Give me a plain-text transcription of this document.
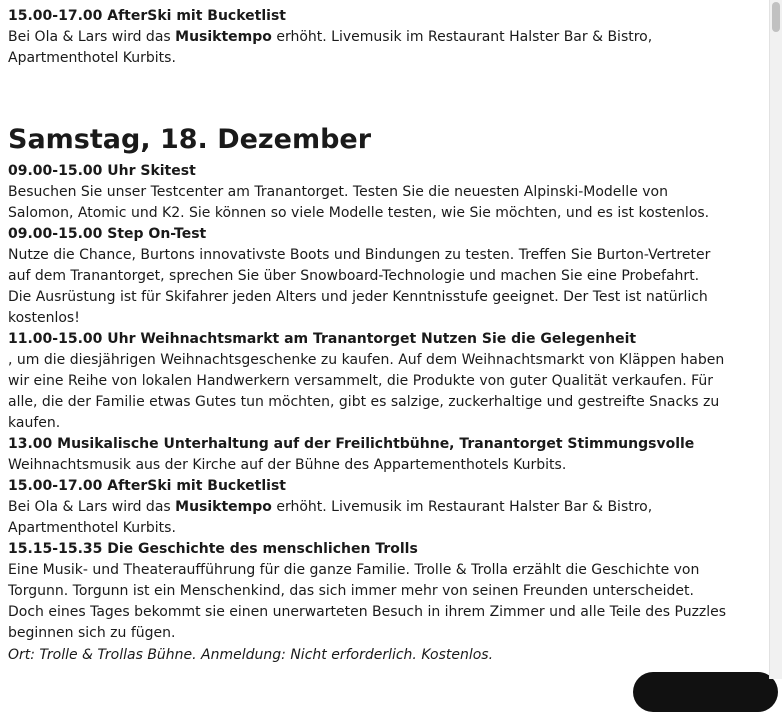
15.00-17.00 AfterSki mit Bucketlist
Bei Ola & Lars wird das Musiktempo erhöht. Livemusik im Restaurant Halster Bar & Bistro,
Apartmenthotel Kurbits.
Samstag, 18. Dezember
09.00-15.00 Uhr Skitest
Besuchen Sie unser Testcenter am Tranantorget. Testen Sie die neuesten Alpinski-Modelle von
Salomon, Atomic und K2. Sie können so viele Modelle testen, wie Sie möchten, und es ist kostenlos.
09.00-15.00 Step On-Test
Nutze die Chance, Burtons innovativste Boots und Bindungen zu testen. Treffen Sie Burton-Vertreter
auf dem Tranantorget, sprechen Sie über Snowboard-Technologie und machen Sie eine Probefahrt.
Die Ausrüstung ist für Skifahrer jeden Alters und jeder Kenntnisstufe geeignet. Der Test ist natürlich
kostenlos!
11.00-15.00 Uhr Weihnachtsmarkt am Tranantorget Nutzen Sie die Gelegenheit
, um die diesjährigen Weihnachtsgeschenke zu kaufen. Auf dem Weihnachtsmarkt von Kläppen haben
wir eine Reihe von lokalen Handwerkern versammelt, die Produkte von guter Qualität verkaufen. Für
alle, die der Familie etwas Gutes tun möchten, gibt es salzige, zuckerhaltige und gestreifte Snacks zu
kaufen.
13.00 Musikalische Unterhaltung auf der Freilichtbühne, Tranantorget Stimmungsvolle
Weihnachtsmusik aus der Kirche auf der Bühne des Appartementhotels Kurbits.
15.00-17.00 AfterSki mit Bucketlist
Bei Ola & Lars wird das Musiktempo erhöht. Livemusik im Restaurant Halster Bar & Bistro,
Apartmenthotel Kurbits.
15.15-15.35 Die Geschichte des menschlichen Trolls
Eine Musik- und Theateraufführung für die ganze Familie. Trolle & Trolla erzählt die Geschichte von
Torgunn. Torgunn ist ein Menschenkind, das sich immer mehr von seinen Freunden unterscheidet.
Doch eines Tages bekommt sie einen unerwarteten Besuch in ihrem Zimmer und alle Teile des Puzzles
beginnen sich zu fügen.
Ort: Trolle & Trollas Bühne. Anmeldung: Nicht erforderlich. Kostenlos.
